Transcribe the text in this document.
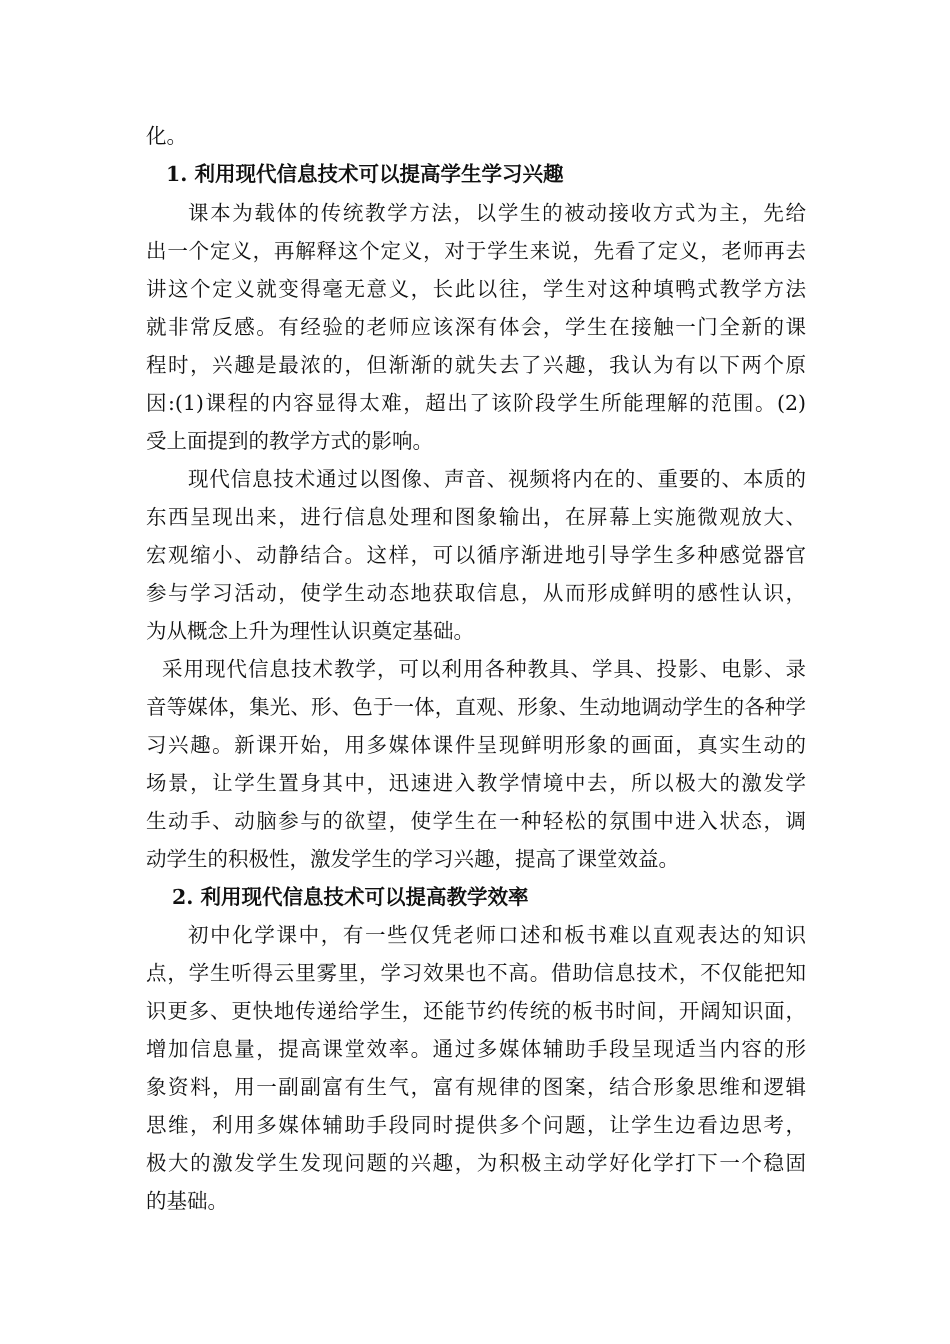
化。
1. 利用现代信息技术可以提高学生学习兴趣
课本为载体的传统教学方法，以学生的被动接收方式为主，先给
出一个定义，再解释这个定义，对于学生来说，先看了定义，老师再去
讲这个定义就变得毫无意义，长此以往，学生对这种填鸭式教学方法
就非常反感。有经验的老师应该深有体会，学生在接触一门全新的课
程时，兴趣是最浓的，但渐渐的就失去了兴趣，我认为有以下两个原
因:(1)课程的内容显得太难，超出了该阶段学生所能理解的范围。(2)
受上面提到的教学方式的影响。
现代信息技术通过以图像、声音、视频将内在的、重要的、本质的
东西呈现出来，进行信息处理和图象输出，在屏幕上实施微观放大、
宏观缩小、动静结合。这样，可以循序渐进地引导学生多种感觉器官
参与学习活动，使学生动态地获取信息，从而形成鲜明的感性认识，
为从概念上升为理性认识奠定基础。
采用现代信息技术教学，可以利用各种教具、学具、投影、电影、录
音等媒体，集光、形、色于一体，直观、形象、生动地调动学生的各种学
习兴趣。新课开始，用多媒体课件呈现鲜明形象的画面，真实生动的
场景，让学生置身其中，迅速进入教学情境中去，所以极大的激发学
生动手、动脑参与的欲望，使学生在一种轻松的氛围中进入状态，调
动学生的积极性，激发学生的学习兴趣，提高了课堂效益。
2. 利用现代信息技术可以提高教学效率
初中化学课中，有一些仅凭老师口述和板书难以直观表达的知识
点，学生听得云里雾里，学习效果也不高。借助信息技术，不仅能把知
识更多、更快地传递给学生，还能节约传统的板书时间，开阔知识面，
增加信息量，提高课堂效率。通过多媒体辅助手段呈现适当内容的形
象资料，用一副副富有生气，富有规律的图案，结合形象思维和逻辑
思维，利用多媒体辅助手段同时提供多个问题，让学生边看边思考，
极大的激发学生发现问题的兴趣，为积极主动学好化学打下一个稳固
的基础。
